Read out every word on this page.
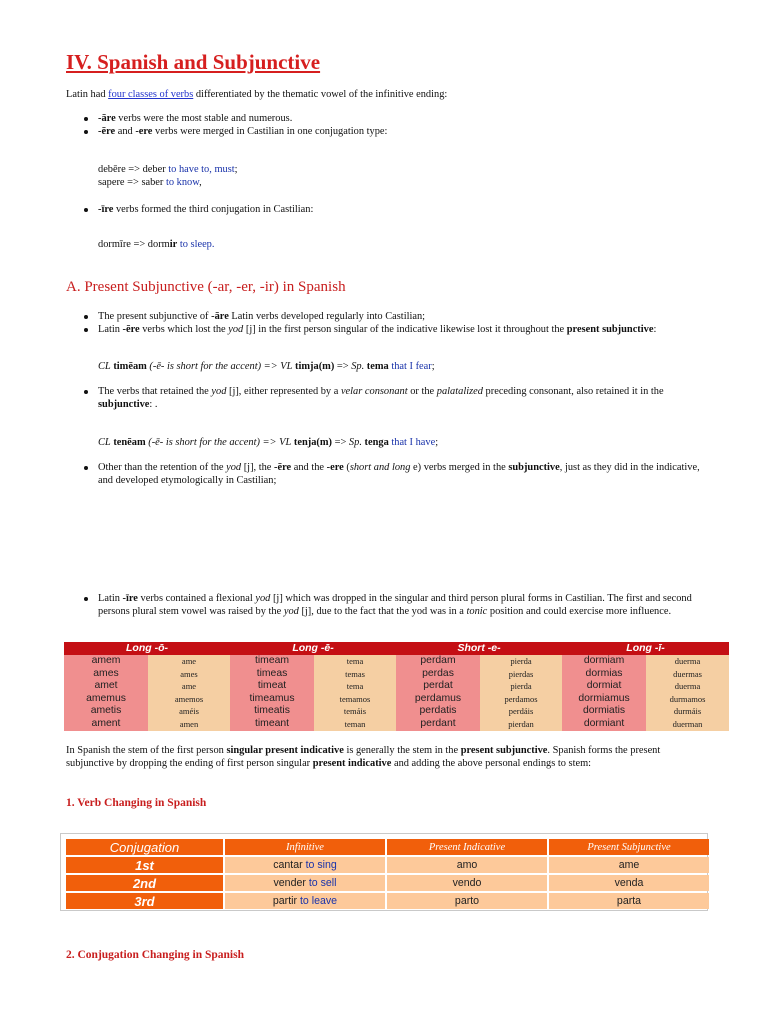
IV. Spanish and Subjunctive
Latin had four classes of verbs differentiated by the thematic vowel of the infinitive ending:
-āre verbs were the most stable and numerous.
-ēre and -ere verbs were merged in Castilian in one conjugation type:
debēre => deber to have to, must;
sapere => saber to know,
-īre verbs formed the third conjugation in Castilian:
dormīre => dormir to sleep.
A. Present Subjunctive (-ar, -er, -ir) in Spanish
The present subjunctive of -āre Latin verbs developed regularly into Castilian;
Latin -ēre verbs which lost the yod [j] in the first person singular of the indicative likewise lost it throughout the present subjunctive:
CL timēam (-ē- is short for the accent) => VL timja(m) => Sp. tema that I fear;
The verbs that retained the yod [j], either represented by a velar consonant or the palatalized preceding consonant, also retained it in the subjunctive: .
CL tenēam (-ē- is short for the accent) => VL tenja(m) => Sp. tenga that I have;
Other than the retention of the yod [j], the -ēre and the -ere (short and long e) verbs merged in the subjunctive, just as they did in the indicative, and developed etymologically in Castilian;
Latin -īre verbs contained a flexional yod [j] which was dropped in the singular and third person plural forms in Castilian. The first and second persons plural stem vowel was raised by the yod [j], due to the fact that the yod was in a tonic position and could exercise more influence.
Long -ō-		Long -ē-		Short -e-		Long -ī-	
amem	ame	timeam	tema	perdam	pierda	dormiam	duerma
ames	ames	timeas	temas	perdas	pierdas	dormias	duermas
amet	ame	timeat	tema	perdat	pierda	dormiat	duerma
amemus	amemos	timeamus	temamos	perdamus	perdamos	dormiamus	durmamos
ametis	améis	timeatis	temáis	perdatis	perdáis	dormiatis	durmáis
ament	amen	timeant	teman	perdant	pierdan	dormiant	duerman
In Spanish the stem of the first person singular present indicative is generally the stem in the present subjunctive. Spanish forms the present subjunctive by dropping the ending of first person singular present indicative and adding the above personal endings to stem:
1. Verb Changing in Spanish
Conjugation	Infinitive	Present Indicative	Present Subjunctive
1st	cantar to sing	amo	ame
2nd	vender to sell	vendo	venda
3rd	partir to leave	parto	parta
2. Conjugation Changing in Spanish
